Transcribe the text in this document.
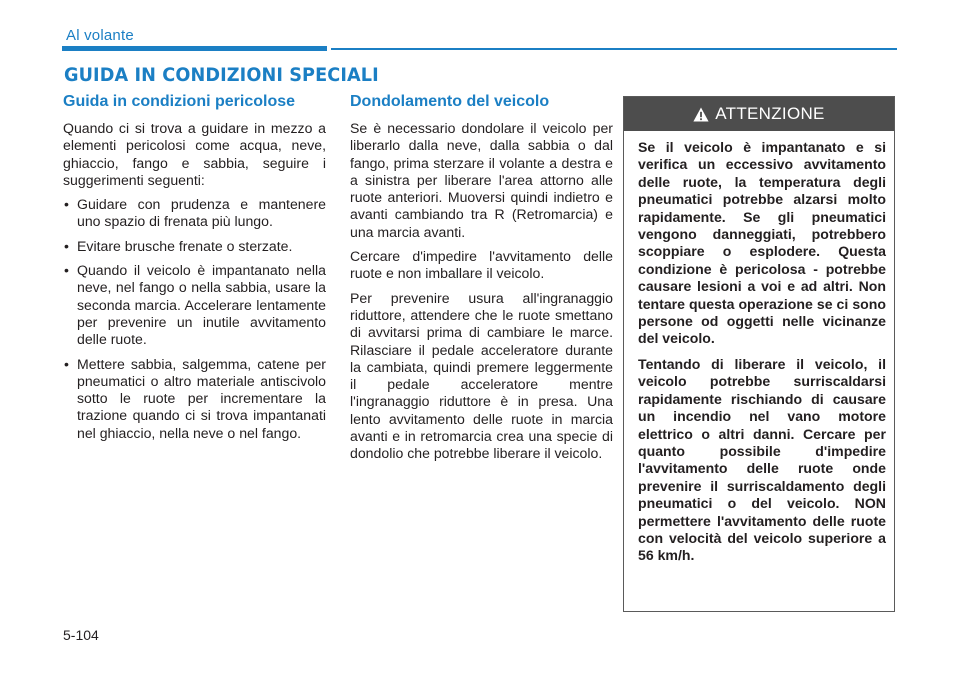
Al volante
GUIDA IN CONDIZIONI SPECIALI
Guida in condizioni pericolose

Quando ci si trova a guidare in mezzo a elementi pericolosi come acqua, neve, ghiaccio, fango e sabbia, seguire i suggerimenti seguenti:

• Guidare con prudenza e mantenere uno spazio di frenata più lungo.
• Evitare brusche frenate o sterzate.
• Quando il veicolo è impantanato nella neve, nel fango o nella sabbia, usare la seconda marcia. Accelerare lentamente per prevenire un inutile avvitamento delle ruote.
• Mettere sabbia, salgemma, catene per pneumatici o altro materiale antiscivolo sotto le ruote per incrementare la trazione quando ci si trova impantanati nel ghiaccio, nella neve o nel fango.
Dondolamento del veicolo

Se è necessario dondolare il veicolo per liberarlo dalla neve, dalla sabbia o dal fango, prima sterzare il volante a destra e a sinistra per liberare l'area attorno alle ruote anteriori. Muoversi quindi indietro e avanti cambiando tra R (Retromarcia) e una marcia avanti.

Cercare d'impedire l'avvitamento delle ruote e non imballare il veicolo.

Per prevenire usura all'ingranaggio riduttore, attendere che le ruote smettano di avvitarsi prima di cambiare le marce. Rilasciare il pedale acceleratore durante la cambiata, quindi premere leggermente il pedale acceleratore mentre l'ingranaggio riduttore è in presa. Una lento avvitamento delle ruote in marcia avanti e in retromarcia crea una specie di dondolio che potrebbe liberare il veicolo.

ATTENZIONE

Se il veicolo è impantanato e si verifica un eccessivo avvitamento delle ruote, la temperatura degli pneumatici potrebbe alzarsi molto rapidamente. Se gli pneumatici vengono danneggiati, potrebbero scoppiare o esplodere. Questa condizione è pericolosa - potrebbe causare lesioni a voi e ad altri. Non tentare questa operazione se ci sono persone od oggetti nelle vicinanze del veicolo.

Tentando di liberare il veicolo, il veicolo potrebbe surriscaldarsi rapidamente rischiando di causare un incendio nel vano motore elettrico o altri danni. Cercare per quanto possibile d'impedire l'avvitamento delle ruote onde prevenire il surriscaldamento degli pneumatici o del veicolo. NON permettere l'avvitamento delle ruote con velocità del veicolo superiore a 56 km/h.

5-104
